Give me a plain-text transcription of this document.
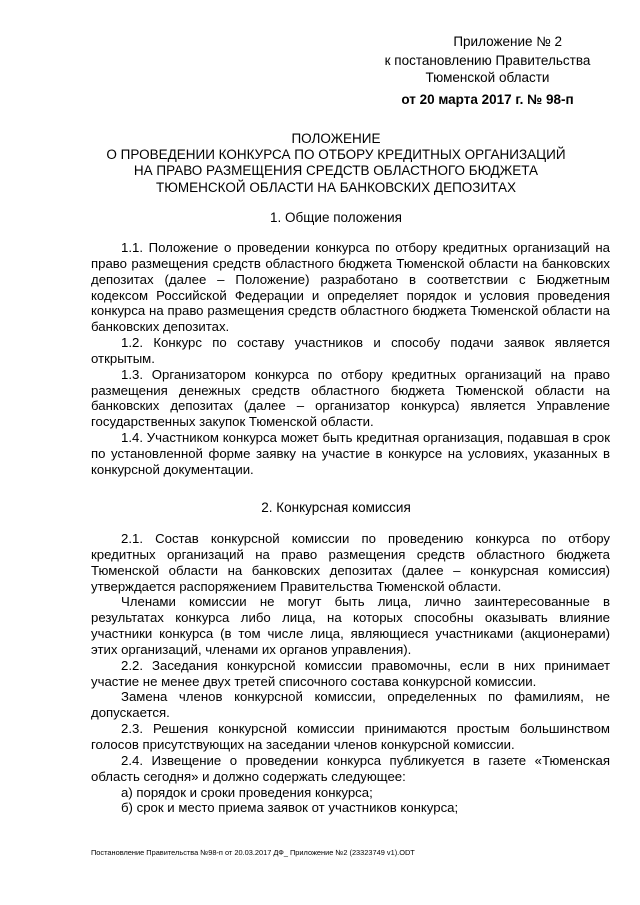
Приложение № 2
к постановлению Правительства
Тюменской области
от 20 марта 2017 г. № 98-п
ПОЛОЖЕНИЕ
О ПРОВЕДЕНИИ КОНКУРСА ПО ОТБОРУ КРЕДИТНЫХ ОРГАНИЗАЦИЙ
НА ПРАВО РАЗМЕЩЕНИЯ СРЕДСТВ ОБЛАСТНОГО БЮДЖЕТА
ТЮМЕНСКОЙ ОБЛАСТИ НА БАНКОВСКИХ ДЕПОЗИТАХ
1. Общие положения

1.1. Положение о проведении конкурса по отбору кредитных организаций на право размещения средств областного бюджета Тюменской области на банковских депозитах (далее – Положение) разработано в соответствии с Бюджетным кодексом Российской Федерации и определяет порядок и условия проведения конкурса на право размещения средств областного бюджета Тюменской области на банковских депозитах.

1.2. Конкурс по составу участников и способу подачи заявок является открытым.

1.3. Организатором конкурса по отбору кредитных организаций на право размещения денежных средств областного бюджета Тюменской области на банковских депозитах (далее – организатор конкурса) является Управление государственных закупок Тюменской области.

1.4. Участником конкурса может быть кредитная организация, подавшая в срок по установленной форме заявку на участие в конкурсе на условиях, указанных в конкурсной документации.

2. Конкурсная комиссия

2.1. Состав конкурсной комиссии по проведению конкурса по отбору кредитных организаций на право размещения средств областного бюджета Тюменской области на банковских депозитах (далее – конкурсная комиссия) утверждается распоряжением Правительства Тюменской области.

Членами комиссии не могут быть лица, лично заинтересованные в результатах конкурса либо лица, на которых способны оказывать влияние участники конкурса (в том числе лица, являющиеся участниками (акционерами) этих организаций, членами их органов управления).

2.2. Заседания конкурсной комиссии правомочны, если в них принимает участие не менее двух третей списочного состава конкурсной комиссии.

Замена членов конкурсной комиссии, определенных по фамилиям, не допускается.

2.3. Решения конкурсной комиссии принимаются простым большинством голосов присутствующих на заседании членов конкурсной комиссии.

2.4. Извещение о проведении конкурса публикуется в газете «Тюменская область сегодня» и должно содержать следующее:

а) порядок и сроки проведения конкурса;

б) срок и место приема заявок от участников конкурса;

Постановление Правительства №98-п от 20.03.2017 ДФ_ Приложение №2 (23323749 v1).ODT
